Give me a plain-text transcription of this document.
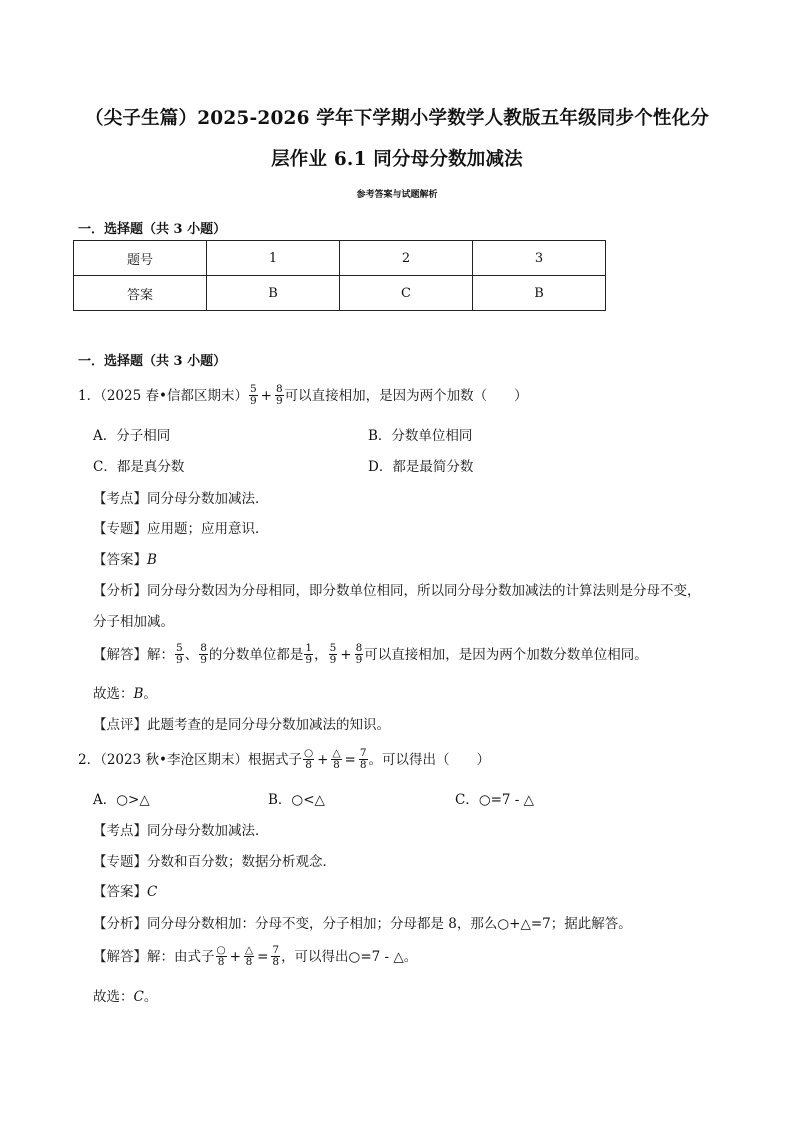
（尖子生篇）2025-2026 学年下学期小学数学人教版五年级同步个性化分
层作业 6.1 同分母分数加减法
参考答案与试题解析
一．选择题（共 3 小题）
题号	1	2	3
答案	B	C	B
一．选择题（共 3 小题）
1．（2025 春•信都区期末） $\frac{5}{9} + \frac{8}{9}$ 可以直接相加，是因为两个加数（　　）
A．分子相同	B．分数单位相同
C．都是真分数	D．都是最简分数
【考点】同分母分数加减法．
【专题】应用题；应用意识．
【答案】B
【分析】同分母分数因为分母相同，即分数单位相同，所以同分母分数加减法的计算法则是分母不变，
分子相加减。
【解答】解： $\frac{5}{9}$ 、 $\frac{8}{9}$ 的分数单位都是 $\frac{1}{9}$ ， $\frac{5}{9} + \frac{8}{9}$ 可以直接相加，是因为两个加数分数单位相同。
故选：B。
【点评】此题考查的是同分母分数加减法的知识。
2．（2023 秋•李沧区期末）根据式子 $\frac{○}{8} + \frac{\triangle}{8} = \frac{7}{8}$ 。可以得出（　　）
A．○>△	B．○<△	C．○=7 - △
【考点】同分母分数加减法．
【专题】分数和百分数；数据分析观念．
【答案】C
【分析】同分母分数相加：分母不变，分子相加；分母都是 8，那么○+△=7；据此解答。
【解答】解：由式子 $\frac{○}{8} + \frac{\triangle}{8} = \frac{7}{8}$ ，可以得出○=7 - △。
故选：C。
